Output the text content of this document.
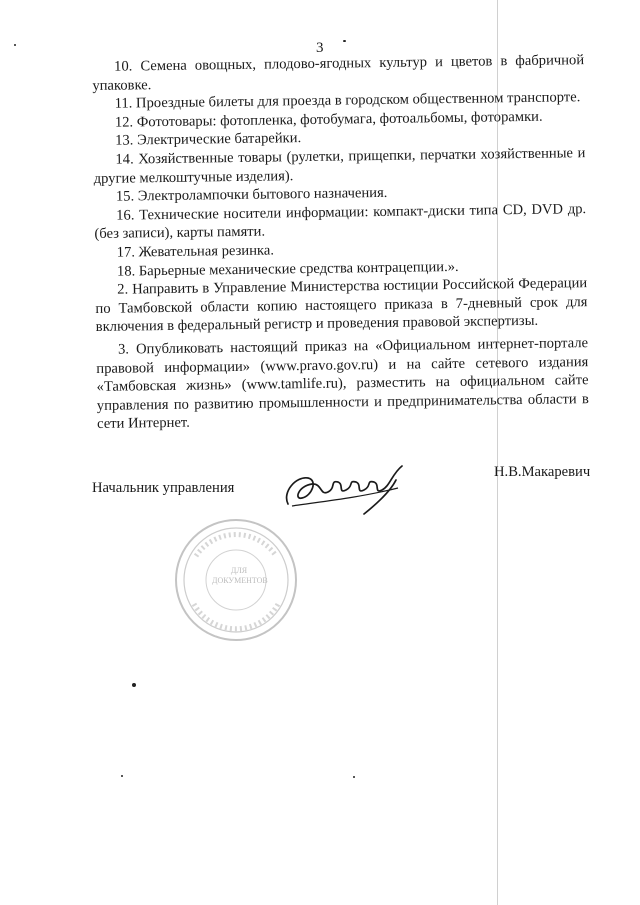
3

10. Семена овощных, плодово-ягодных культур и цветов в фабричной упаковке.

11. Проездные билеты для проезда в городском общественном транспорте.

12. Фототовары: фотопленка, фотобумага, фотоальбомы, фоторамки.

13. Электрические батарейки.

14. Хозяйственные товары (рулетки, прищепки, перчатки хозяйственные и другие мелкоштучные изделия).

15. Электролампочки бытового назначения.

16. Технические носители информации: компакт-диски типа CD, DVD др. (без записи), карты памяти.

17. Жевательная резинка.

18. Барьерные механические средства контрацепции.».

2. Направить в Управление Министерства юстиции Российской Федерации по Тамбовской области копию настоящего приказа в 7-дневный срок для включения в федеральный регистр и проведения правовой экспертизы.

3. Опубликовать настоящий приказ на «Официальном интернет-портале правовой информации» (www.pravo.gov.ru) и на сайте сетевого издания «Тамбовская жизнь» (www.tamlife.ru), разместить на официальном сайте управления по развитию промышленности и предпринимательства области в сети Интернет.

Начальник управления
Н.В.Макаревич
ДЛЯ ДОКУМЕНТОВ
